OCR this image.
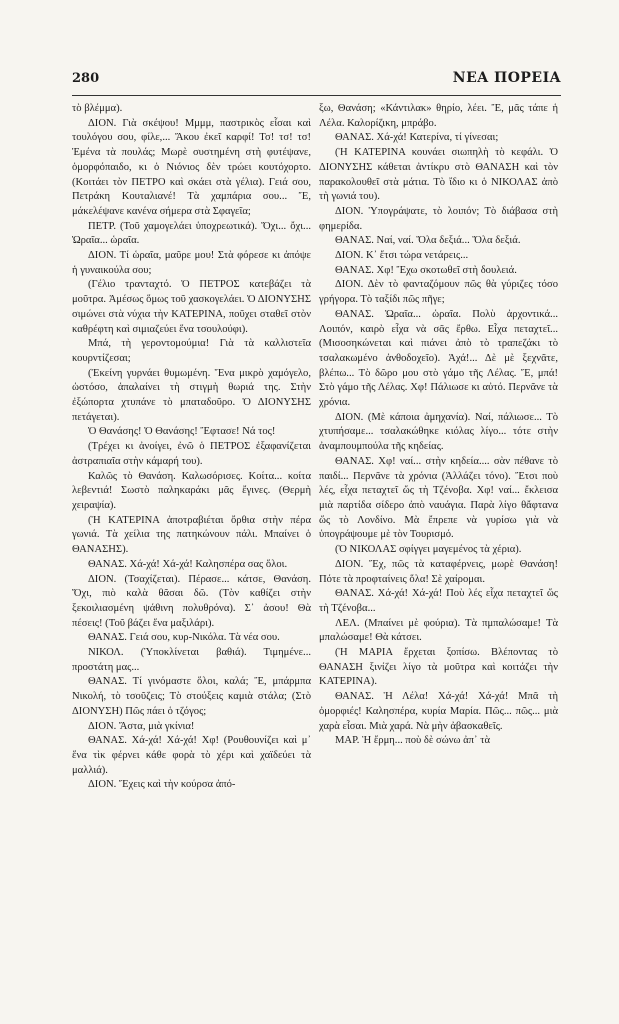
280	ΝΕΑ ΠΟΡΕΙΑ

τὸ βλέμμα).

ΔΙΟΝ. Γιὰ σκέψου! Μμμμ, παστρικὸς εἶσαι καὶ τουλόγου σου, φίλε,... Ἄκου ἐκεῖ καρφί! Τσ! τσ! τσ! Ἐμένα τὰ πουλάς; Μωρὲ συστημένη στὴ φυτέψανε, ὁμορφόπαιδο, κι ὁ Νιόνιος δὲν τρώει κουτόχορτο. (Κοιτάει τὸν ΠΕΤΡΟ καὶ σκάει στὰ γέλια). Γειά σου, Πετράκη Κουταλιανέ! Τὰ χαμπάρια σου... Ἔ, μάκελέψανε κανένα σήμερα στὰ Σφαγεῖα;

ΠΕΤΡ. (Τοῦ χαμογελάει ὑποχρεωτικά). Ὄχι... ὄχι... Ὡραῖα... ὡραῖα.

ΔΙΟΝ. Τί ὡραῖα, μαῦρε μου! Στὰ φόρεσε κι ἀπόψε ἡ γυναικούλα σου;

(Γέλιο τρανταχτό. Ὁ ΠΕΤΡΟΣ κατεβάζει τὰ μοῦτρα. Ἀμέσως ὅμως τοῦ χασκογελάει. Ὁ ΔΙΟΝΥΣΗΣ σιμώνει στὰ νύχια τὴν ΚΑΤΕΡΙΝΑ, ποῦχει σταθεῖ στὸν καθρέφτη καὶ σιμιαζεύει ἕνα τσουλούφι).

Μπά, τὴ γεροντομούμια! Γιὰ τὰ καλλιστεῖα κουρντίζεσαι;

(Ἐκείνη γυρνάει θυμωμένη. Ἕνα μικρὸ χαμόγελο, ὡστόσο, ἁπαλαίνει τὴ στιγμὴ θωριά της. Στὴν ἐξώπορτα χτυπάνε τὸ μπαταδοῦρο. Ὁ ΔΙΟΝΥΣΗΣ πετάγεται).

Ὁ Θανάσης! Ὁ Θανάσης! Ἔφτασε! Νά τος!

(Τρέχει κι ἀνοίγει, ἐνῶ ὁ ΠΕΤΡΟΣ ἐξαφανίζεται ἀστραπιαῖα στὴν κάμαρή του).

Καλῶς τὸ Θανάση. Καλωσόρισες. Κοίτα... κοίτα λεβεντιά! Σωστὸ παληκαράκι μᾶς ἔγινες. (Θερμὴ χειραψία).

(Ἡ ΚΑΤΕΡΙΝΑ ἀποτραβιέται ὄρθια στὴν πέρα γωνιά. Τὰ χείλια της πατηκώνουν πάλι. Μπαίνει ὁ ΘΑΝΑΣΗΣ).

ΘΑΝΑΣ. Χά-χά! Χά-χά! Καλησπέρα σας ὅλοι.

ΔΙΟΝ. (Τσαχίζεται). Πέρασε... κάτσε, Θανάση. Ὄχι, πιὸ καλὰ θᾶσαι δῶ. (Τὸν καθίζει στὴν ξεκοιλιασμένη ψάθινη πολυθρόνα). Σ᾿ ἀσου! Θὰ πέσεις! (Τοῦ βάζει ἕνα μαξιλάρι).

ΘΑΝΑΣ. Γειά σου, κυρ-Νικόλα. Τὰ νέα σου.

ΝΙΚΟΛ. (Ὑποκλίνεται βαθιά). Τιμημένε... προστάτη μας...

ΘΑΝΑΣ. Τί γινόμαστε ὅλοι, καλά; Ἔ, μπάρμπα Νικολή, τὸ τσοῦζεις; Τὸ στούξεις καμιὰ στάλα; (Στὸ ΔΙΟΝΥΣΗ) Πῶς πάει ὁ τζόγος;

ΔΙΟΝ. Ἄστα, μιὰ γκίνια!

ΘΑΝΑΣ. Χά-χά! Χά-χά! Χφ! (Ρουθουνίζει καὶ μ᾿ ἕνα τὶκ φέρνει κάθε φορὰ τὸ χέρι καὶ χαϊδεύει τὰ μαλλιά).

ΔΙΟΝ. Ἔχεις καὶ τὴν κούρσα ἀπό-

ξω, Θανάση; «Κάντιλακ» θηρίο, λέει. Ἔ, μᾶς τάπε ἡ Λέλα. Καλορίζικη, μπράβο.

ΘΑΝΑΣ. Χά-χά! Κατερίνα, τί γίνεσαι;

(Ἡ ΚΑΤΕΡΙΝΑ κουνάει σιωπηλὴ τὸ κεφάλι. Ὁ ΔΙΟΝΥΣΗΣ κάθεται ἀντίκρυ στὸ ΘΑΝΑΣΗ καὶ τὸν παρακολουθεῖ στὰ μάτια. Τὸ ἴδιο κι ὁ ΝΙΚΟΛΑΣ ἀπὸ τὴ γωνιά του).

ΔΙΟΝ. Ὑπογράψατε, τὸ λοιπόν; Τὸ διάβασα στὴ φημερίδα.

ΘΑΝΑΣ. Ναί, ναί. Ὅλα δεξιά... Ὅλα δεξιά.

ΔΙΟΝ. Κ᾿ ἔτσι τώρα νετάρεις...

ΘΑΝΑΣ. Χφ! Ἔχω σκοτωθεῖ στὴ δουλειά.

ΔΙΟΝ. Δὲν τὸ φανταζόμουν πῶς θὰ γύριζες τόσο γρήγορα. Τὸ ταξίδι πῶς πῆγε;

ΘΑΝΑΣ. Ὡραῖα... ὡραῖα. Πολὺ ἀρχοντικά... Λοιπόν, καιρὸ εἶχα νὰ σᾶς ἔρθω. Εἶχα πεταχτεῖ... (Μισοσηκώνεται καὶ πιάνει ἀπὸ τὸ τραπεζάκι τὸ τσαλακωμένο ἀνθοδοχεῖο). Ἀχά!... Δὲ μὲ ξεχνᾶτε, βλέπω... Τὸ δῶρο μου στὸ γάμο τῆς Λέλας. Ἔ, μπά! Στὸ γάμο τῆς Λέλας. Χφ! Πάλιωσε κι αὐτό. Περνᾶνε τὰ χρόνια.

ΔΙΟΝ. (Μὲ κάποια ἀμηχανία). Ναί, πάλιωσε... Τὸ χτυπήσαμε... τσαλακώθηκε κιόλας λίγο... τότε στὴν ἀναμπουμπούλα τῆς κηδείας.

ΘΑΝΑΣ. Χφ! ναί... στὴν κηδεία.... σὰν πέθανε τὸ παιδί... Περνᾶνε τὰ χρόνια (Ἀλλάζει τόνο). Ἔτσι ποὺ λές, εἶχα πεταχτεῖ ὥς τὴ Τζένοβα. Χφ! ναί... ἔκλεισα μιὰ παρτίδα σίδερο ἀπὸ ναυάγια. Παρὰ λίγο θἄφτανα ὥς τὸ Λονδίνο. Μὰ ἔπρεπε νὰ γυρίσω γιὰ νὰ ὑπογράψουμε μὲ τὸν Τουρισμό.

(Ὁ ΝΙΚΟΛΑΣ σφίγγει μαγεμένος τὰ χέρια).

ΔΙΟΝ. Ἔχ, πῶς τὰ καταφέρνεις, μωρὲ Θανάση! Πότε τὰ προφταίνεις ὅλα! Σὲ χαίρομαι.

ΘΑΝΑΣ. Χά-χά! Χά-χά! Ποὺ λές εἶχα πεταχτεῖ ὥς τὴ Τζένοβα...

ΛΕΛ. (Μπαίνει μὲ φούρια). Τὰ πμπαλώσαμε! Τὰ μπαλώσαμε! Θὰ κάτσει.

(Ἡ ΜΑΡΙΑ ἔρχεται ξοπίσω. Βλέποντας τὸ ΘΑΝΑΣΗ ξινίζει λίγο τὰ μοῦτρα καὶ κοιτάζει τὴν ΚΑΤΕΡΙΝΑ).

ΘΑΝΑΣ. Ἡ Λέλα! Χά-χά! Χά-χά! Μπᾶ τὴ ὀμορφιές! Καλησπέρα, κυρία Μαρία. Πῶς... πῶς... μιὰ χαρὰ εἶσαι. Μιὰ χαρά. Νὰ μὴν ἀβασκαθεῖς.

ΜΑΡ. Ἡ ἔρμη... ποὺ δὲ σώνω ἀπ᾿ τὰ
